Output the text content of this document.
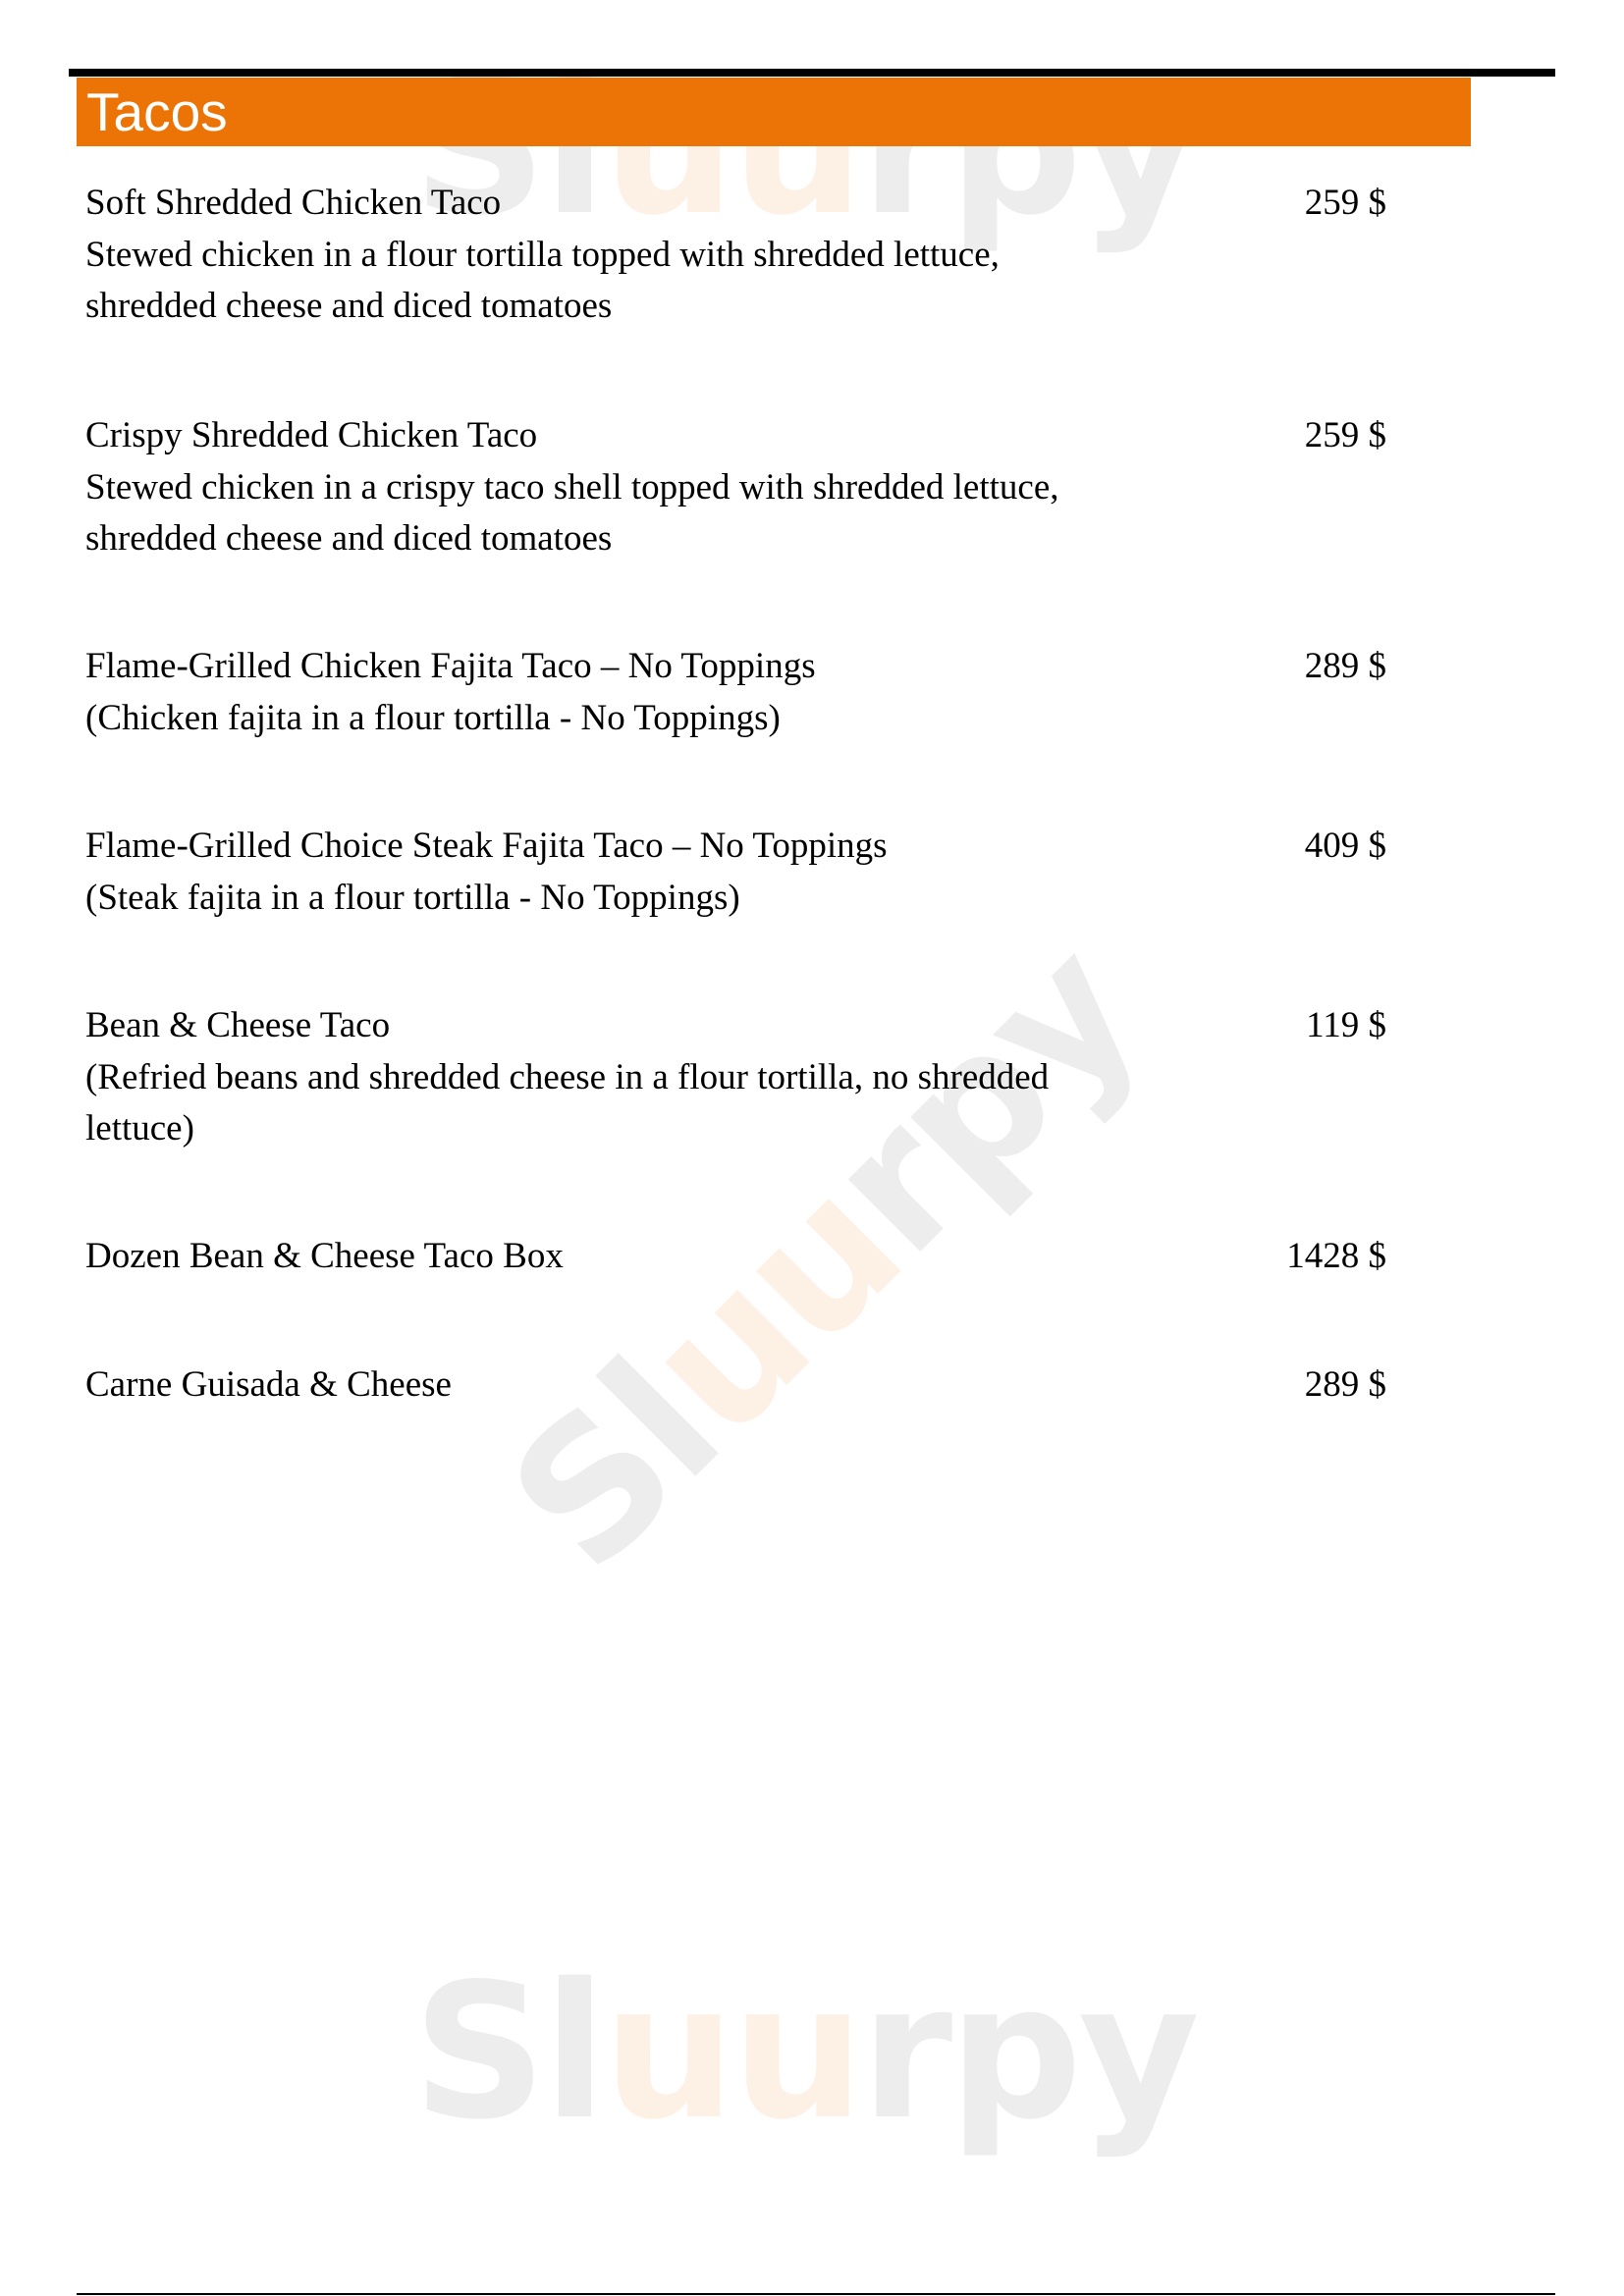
Sluurpy
Sluurpy
Sluurpy
Tacos
Soft Shredded Chicken Taco
Stewed chicken in a flour tortilla topped with shredded lettuce,
shredded cheese and diced tomatoes
259 $
Crispy Shredded Chicken Taco
Stewed chicken in a crispy taco shell topped with shredded lettuce,
shredded cheese and diced tomatoes
259 $
Flame-Grilled Chicken Fajita Taco – No Toppings
(Chicken fajita in a flour tortilla - No Toppings)
289 $
Flame-Grilled Choice Steak Fajita Taco – No Toppings
(Steak fajita in a flour tortilla - No Toppings)
409 $
Bean & Cheese Taco
(Refried beans and shredded cheese in a flour tortilla, no shredded
lettuce)
119 $
Dozen Bean & Cheese Taco Box	1428 $
Carne Guisada & Cheese	289 $
